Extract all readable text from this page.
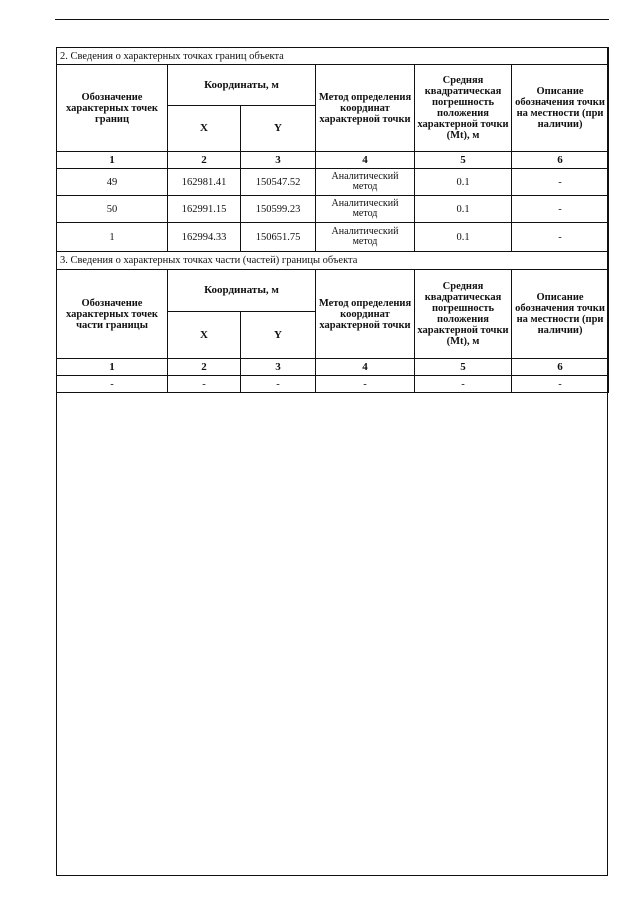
2. Сведения о характерных точках границ объекта					
Обозначение характерных точек границ	Координаты, м		Метод определения координат характерной точки	Средняя квадратическая погрешность положения характерной точки (Mt), м	Описание обозначения точки на местности (при наличии)
	X	Y			
1	2	3	4	5	6
49	162981.41	150547.52	Аналитический метод	0.1	-
50	162991.15	150599.23	Аналитический метод	0.1	-
1	162994.33	150651.75	Аналитический метод	0.1	-
3. Сведения о характерных точках части (частей) границы объекта					
Обозначение характерных точек части границы	Координаты, м		Метод определения координат характерной точки	Средняя квадратическая погрешность положения характерной точки (Mt), м	Описание обозначения точки на местности (при наличии)
	X	Y			
1	2	3	4	5	6
-	-	-	-	-	-
